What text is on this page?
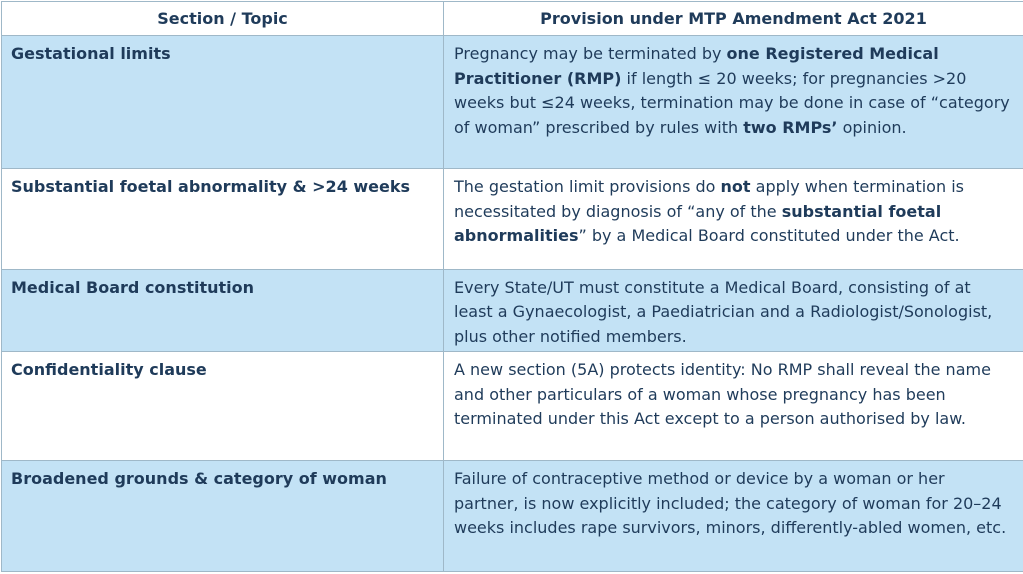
Section / Topic	Provision under MTP Amendment Act 2021
Gestational limits	Pregnancy may be terminated by one Registered Medical Practitioner (RMP) if length ≤ 20 weeks; for pregnancies >20 weeks but ≤24 weeks, termination may be done in case of “category of woman” prescribed by rules with two RMPs’ opinion.
Substantial foetal abnormality & >24 weeks	The gestation limit provisions do not apply when termination is necessitated by diagnosis of “any of the substantial foetal abnormalities” by a Medical Board constituted under the Act.
Medical Board constitution	Every State/UT must constitute a Medical Board, consisting of at least a Gynaecologist, a Paediatrician and a Radiologist/Sonologist, plus other notified members.
Confidentiality clause	A new section (5A) protects identity: No RMP shall reveal the name and other particulars of a woman whose pregnancy has been terminated under this Act except to a person authorised by law.
Broadened grounds & category of woman	Failure of contraceptive method or device by a woman or her partner, is now explicitly included; the category of woman for 20–24 weeks includes rape survivors, minors, differently-abled women, etc.
